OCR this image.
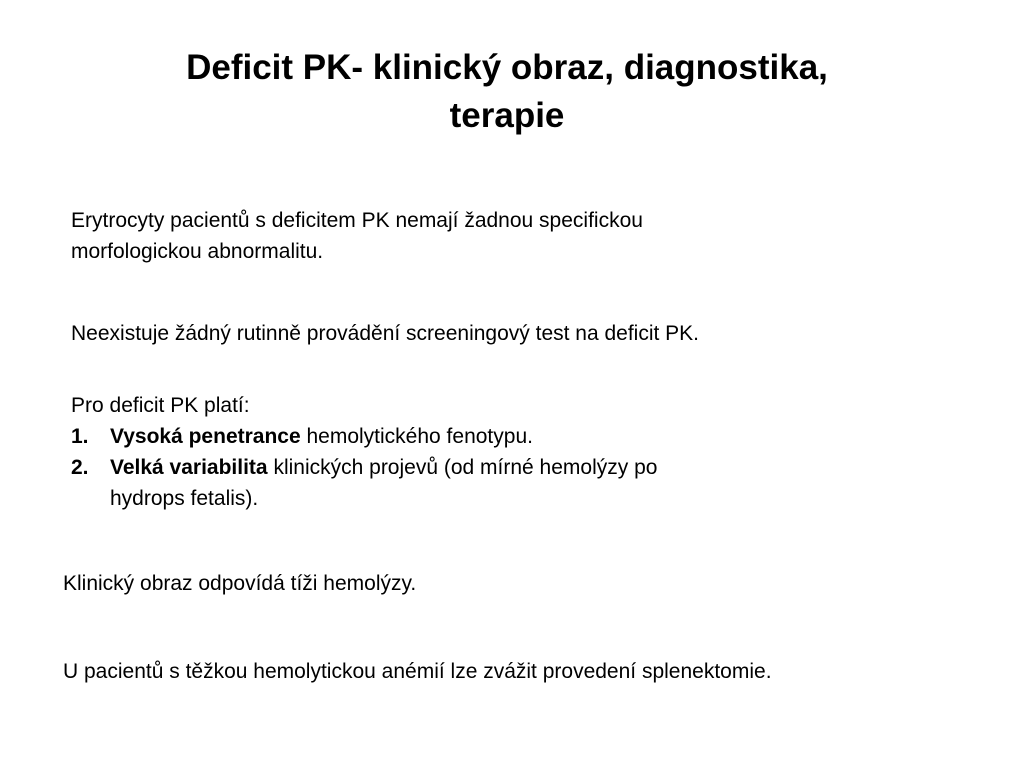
Deficit PK- klinický obraz, diagnostika,
terapie

Erytrocyty pacientů s deficitem PK nemají žadnou specifickou
morfologickou abnormalitu.

Neexistuje žádný rutinně provádění screeningový test na deficit PK.

Pro deficit PK platí:

1. Vysoká penetrance hemolytického fenotypu.
2. Velká variabilita klinických projevů (od mírné hemolýzy po
hydrops fetalis).

Klinický obraz odpovídá tíži hemolýzy.

U pacientů s těžkou hemolytickou anémií lze zvážit provedení splenektomie.
